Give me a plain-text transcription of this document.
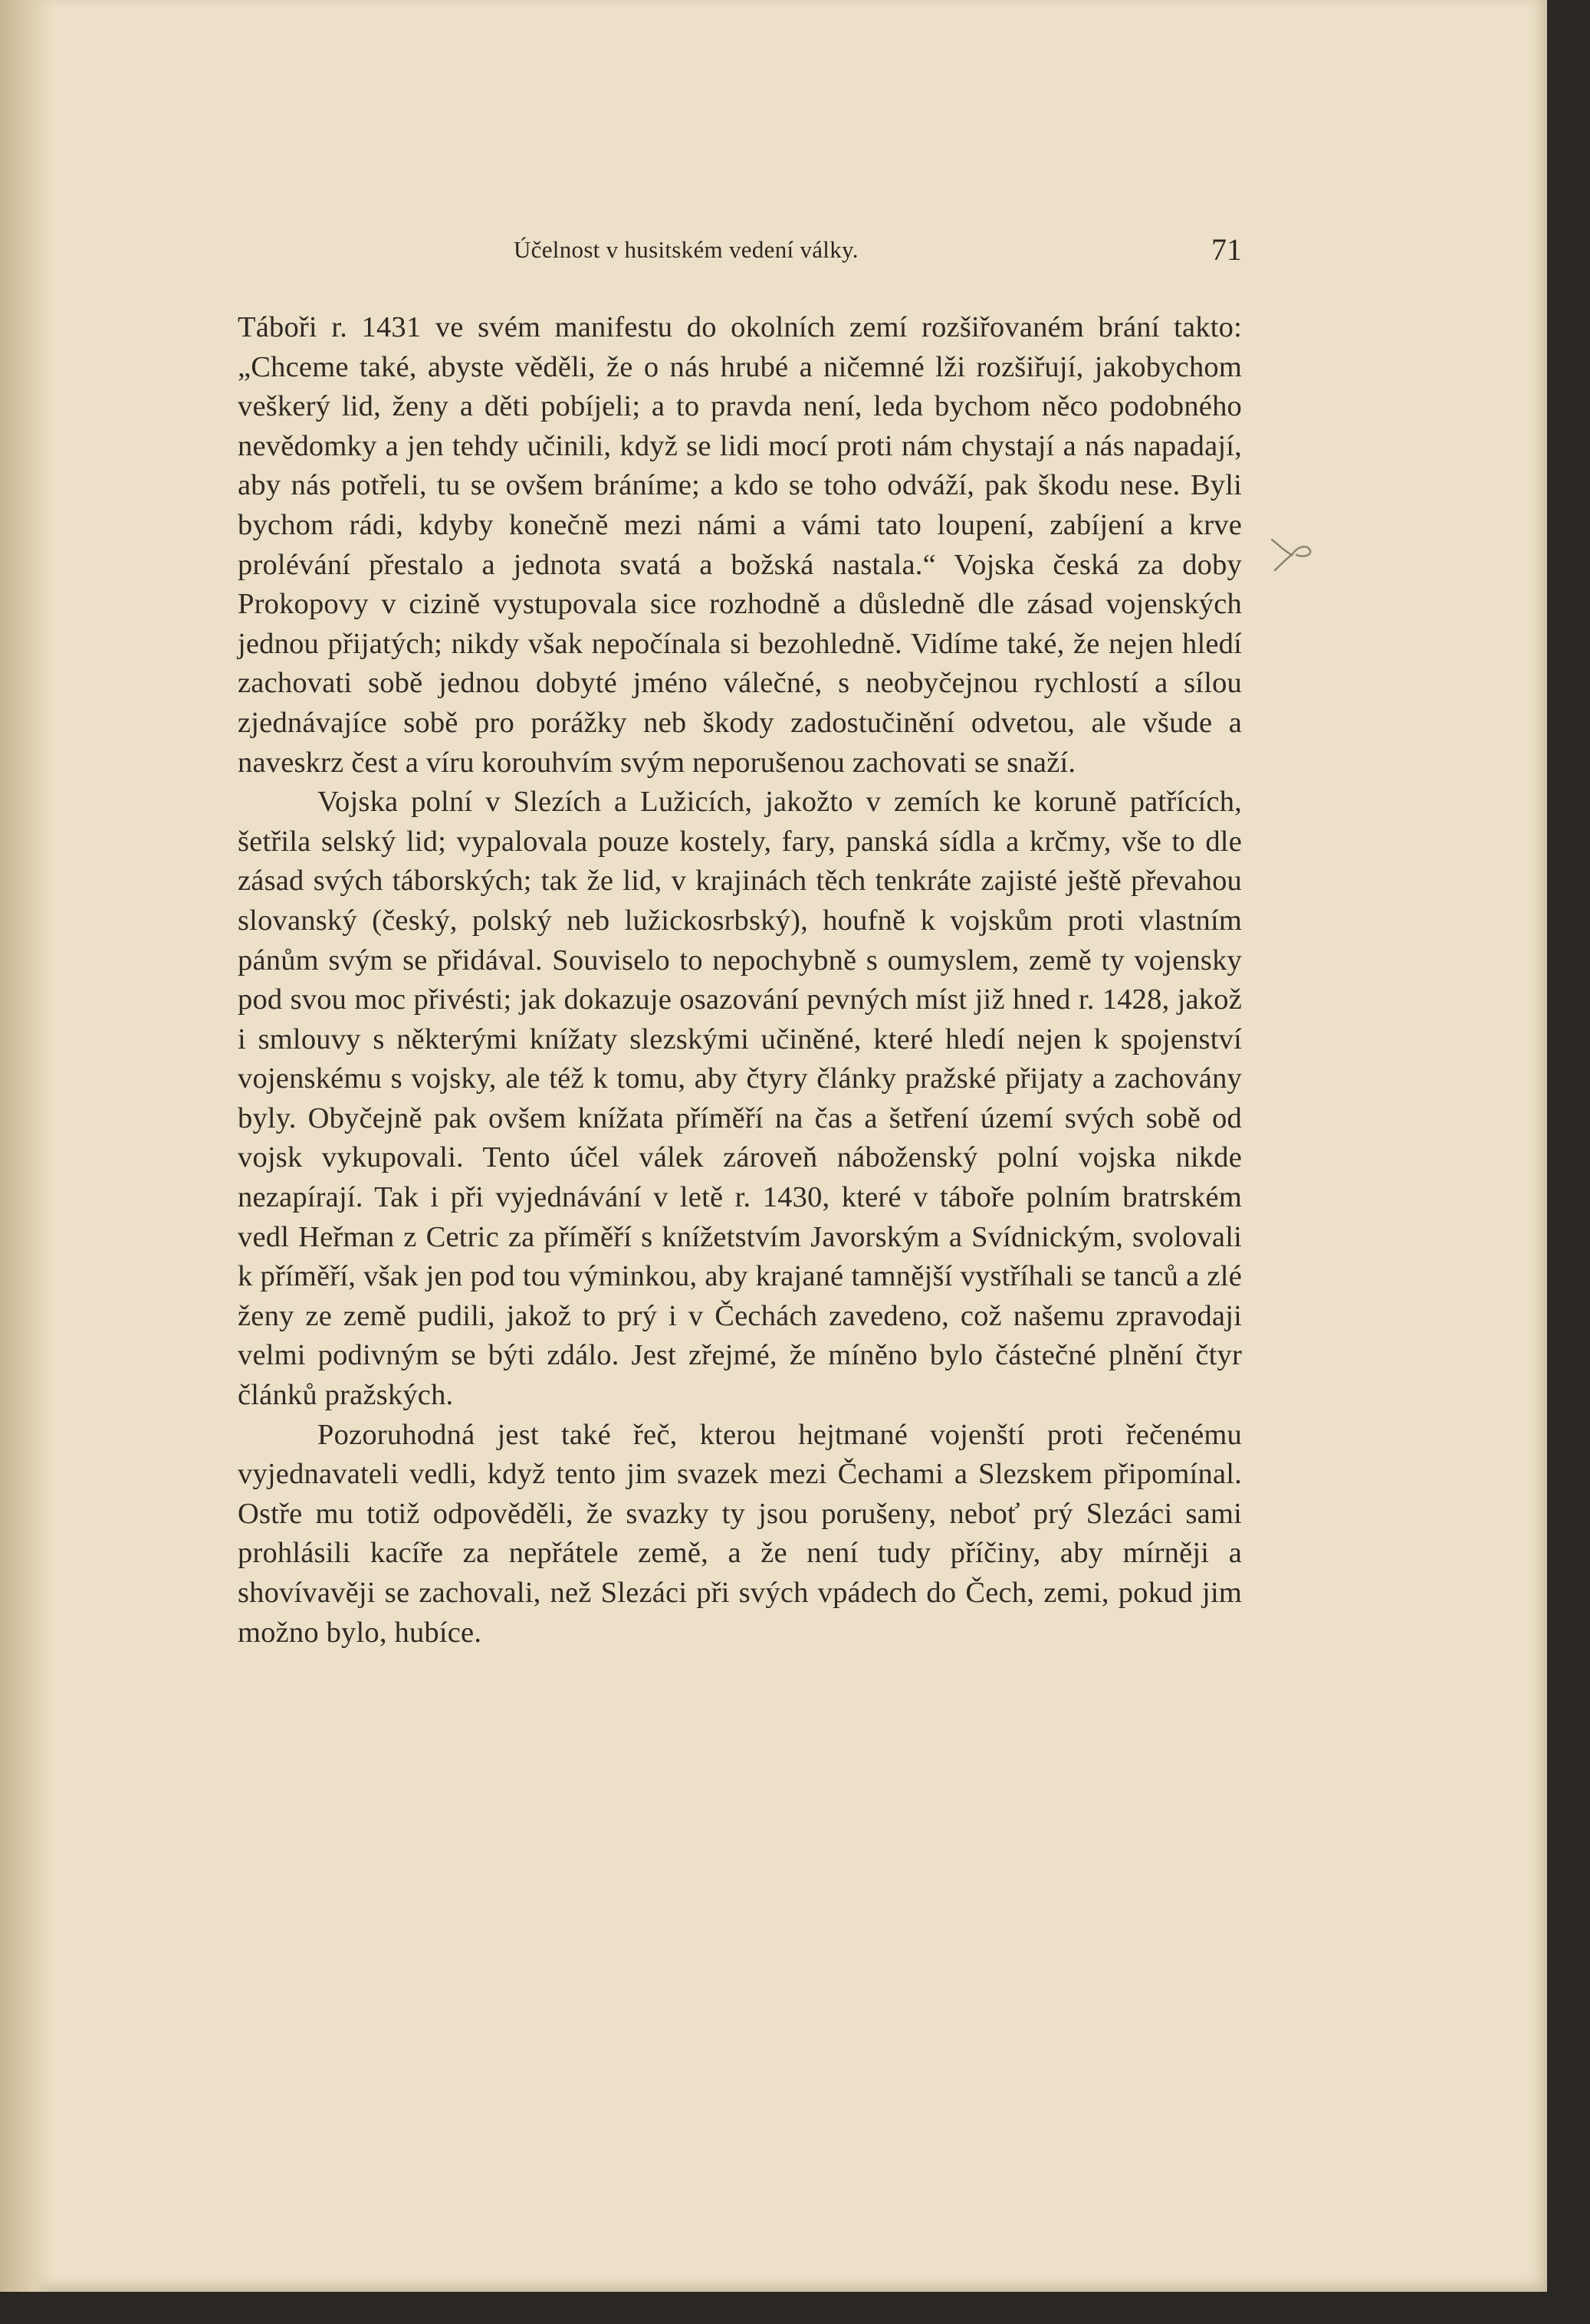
Účelnost v husitském vedení války.	71

Tábořі r. 1431 ve svém manifestu do okolních zemí rozšiřovaném brání takto: „Chceme také, abyste věděli, že o nás hrubé a ničemné lži rozšiřují, jakobychom veškerý lid, ženy a děti pobíjeli; a to pravda není, leda bychom něco podobného nevědomky a jen tehdy učinili, když se lidi mocí proti nám chystají a nás napadají, aby nás potřeli, tu se ovšem bráníme; a kdo se toho odváží, pak škodu nese. Byli bychom rádi, kdyby konečně mezi námi a vámi tato loupení, zabíjení a krve prolévání přestalo a jednota svatá a božská nastala.“ Vojska česká za doby Prokopovy v cizině vystupovala sice rozhodně a důsledně dle zásad vojenských jednou přijatých; nikdy však nepočínala si bezohledně. Vidíme také, že nejen hledí zachovati sobě jednou dobyté jméno válečné, s neobyčejnou rychlostí a sílou zjednávajíce sobě pro porážky neb škody zadostučinění odvetou, ale všude a naveskrz čest a víru korouhvím svým neporušenou zachovati se snaží.

Vojska polní v Slezích a Lužicích, jakožto v zemích ke koruně patřících, šetřila selský lid; vypalovala pouze kostely, fary, panská sídla a krčmy, vše to dle zásad svých táborských; tak že lid, v krajinách těch tenkráte zajisté ještě převahou slovanský (český, polský neb lužickosrbský), houfně k vojskům proti vlastním pánům svým se přidával. Souviselo to nepochybně s oumyslem, země ty vojensky pod svou moc přivésti; jak dokazuje osazování pevných míst již hned r. 1428, jakož i smlouvy s některými knížaty slezskými učiněné, které hledí nejen k spojenství vojenskému s vojsky, ale též k tomu, aby čtyry články pražské přijaty a zachovány byly. Obyčejně pak ovšem knížata příměří na čas a šetření území svých sobě od vojsk vykupovali. Tento účel válek zároveň náboženský polní vojska nikde nezapírají. Tak i při vyjednávání v letě r. 1430, které v táboře polním bratrském vedl Heřman z Cetric za příměří s knížetstvím Javorským a Svídnickým, svolovali k příměří, však jen pod tou výminkou, aby krajané tamnější vystříhali se tanců a zlé ženy ze země pudili, jakož to prý i v Čechách zavedeno, což našemu zpravodaji velmi podivným se býti zdálo. Jest zřejmé, že míněno bylo částečné plnění čtyr článků pražských.

Pozoruhodná jest také řeč, kterou hejtmané vojenští proti řečenému vyjednavateli vedli, když tento jim svazek mezi Čechami a Slezskem připomínal. Ostře mu totiž odpověděli, že svazky ty jsou porušeny, neboť prý Slezáci sami prohlásili kacíře za nepřátele země, a že není tudy příčiny, aby mírněji a shovívavěji se zachovali, než Slezáci při svých vpádech do Čech, zemi, pokud jim možno bylo, hubíce.
